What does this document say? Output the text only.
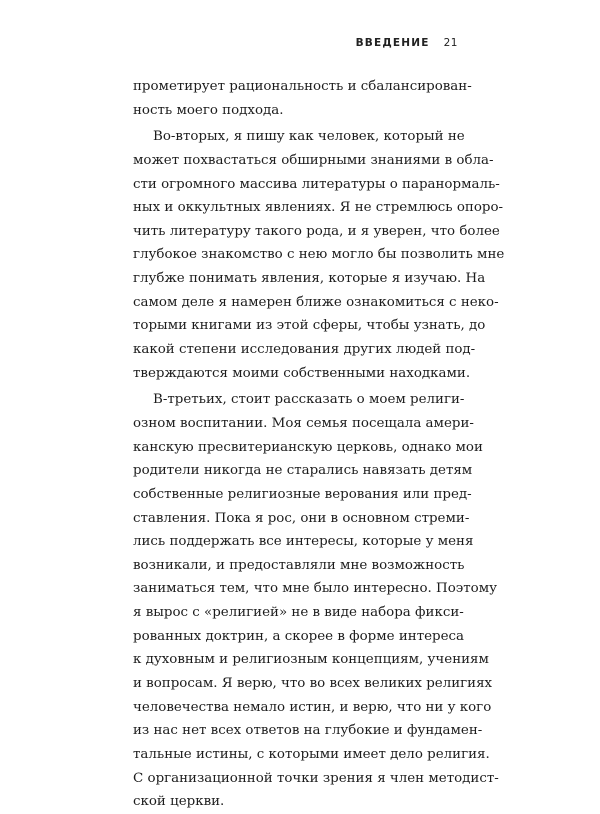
ВВЕДЕНИЕ 21
прометирует рациональность и сбалансирован-
ность моего подхода.
Во-вторых, я пишу как человек, который не
может похвастаться обширными знаниями в обла-
сти огромного массива литературы о паранормаль-
ных и оккультных явлениях. Я не стремлюсь опоро-
чить литературу такого рода, и я уверен, что более
глубокое знакомство с нею могло бы позволить мне
глубже понимать явления, которые я изучаю. На
самом деле я намерен ближе ознакомиться с неко-
торыми книгами из этой сферы, чтобы узнать, до
какой степени исследования других людей под-
тверждаются моими собственными находками.
В-третьих, стоит рассказать о моем религи-
озном воспитании. Моя семья посещала амери-
канскую пресвитерианскую церковь, однако мои
родители никогда не старались навязать детям
собственные религиозные верования или пред-
ставления. Пока я рос, они в основном стреми-
лись поддержать все интересы, которые у меня
возникали, и предоставляли мне возможность
заниматься тем, что мне было интересно. Поэтому
я вырос с «религией» не в виде набора фикси-
рованных доктрин, а скорее в форме интереса
к духовным и религиозным концепциям, учениям
и вопросам. Я верю, что во всех великих религиях
человечества немало истин, и верю, что ни у кого
из нас нет всех ответов на глубокие и фундамен-
тальные истины, с которыми имеет дело религия.
С организационной точки зрения я член методист-
ской церкви.
